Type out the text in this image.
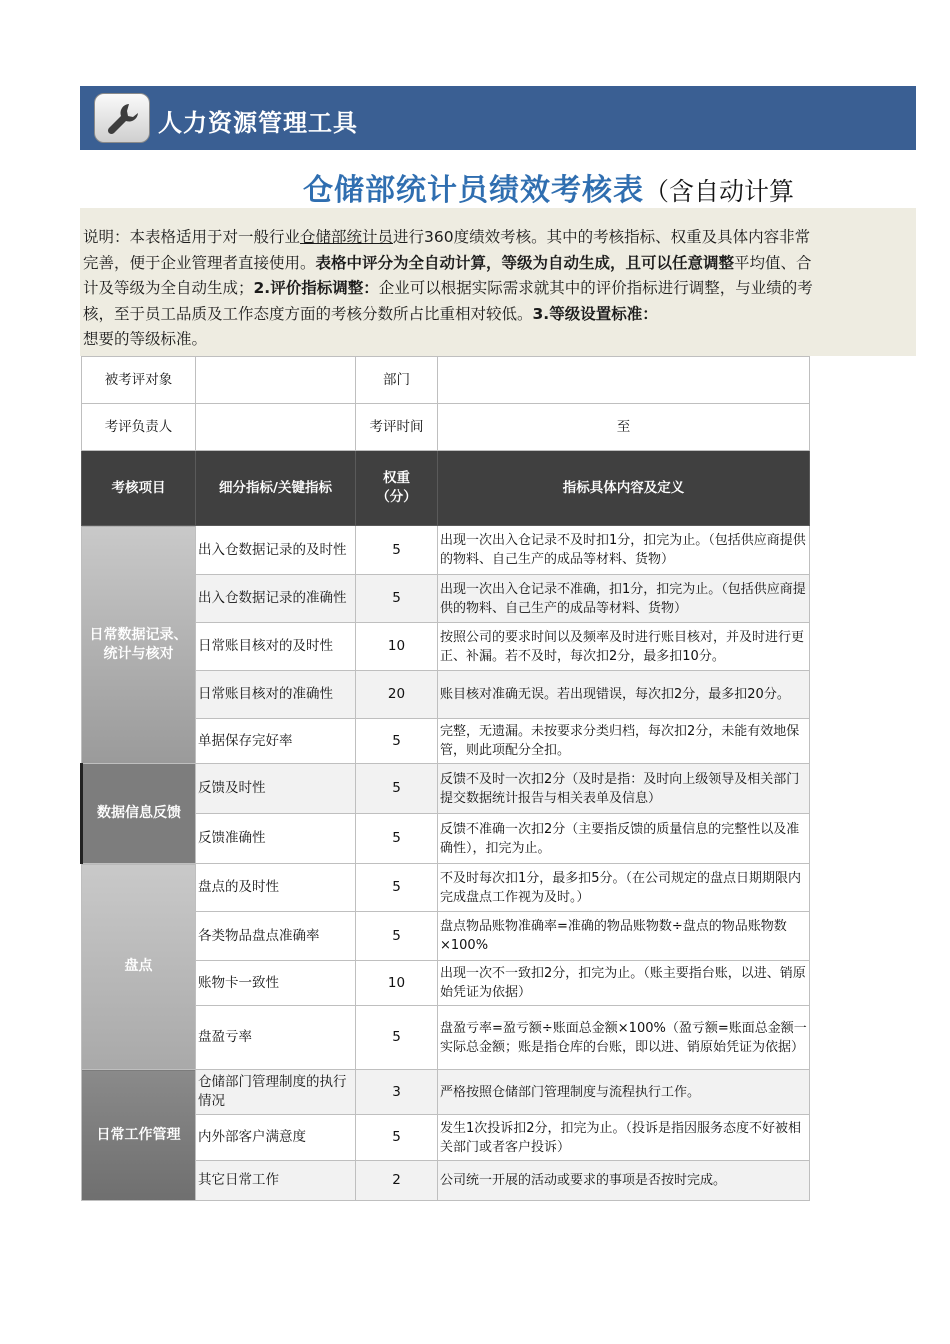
人力资源管理工具
仓储部统计员绩效考核表（含自动计算
说明：本表格适用于对一般行业仓储部统计员进行360度绩效考核。其中的考核指标、权重及具体内容非常完善，便于企业管理者直接使用。表格中评分为全自动计算，等级为自动生成，且可以任意调整平均值、合计及等级为全自动生成；2.评价指标调整：企业可以根据实际需求就其中的评价指标进行调整，与业绩的考核，至于员工品质及工作态度方面的考核分数所占比重相对较低。3.等级设置标准：
想要的等级标准。
被考评对象		部门	
考评负责人		考评时间	至
考核项目	细分指标/关键指标	权重（分）	指标具体内容及定义
日常数据记录、统计与核对	出入仓数据记录的及时性	5	出现一次出入仓记录不及时扣1分，扣完为止。（包括供应商提供的物料、自己生产的成品等材料、货物）
	出入仓数据记录的准确性	5	出现一次出入仓记录不准确，扣1分，扣完为止。（包括供应商提供的物料、自己生产的成品等材料、货物）
	日常账目核对的及时性	10	按照公司的要求时间以及频率及时进行账目核对，并及时进行更正、补漏。若不及时，每次扣2分，最多扣10分。
	日常账目核对的准确性	20	账目核对准确无误。若出现错误，每次扣2分，最多扣20分。
	单据保存完好率	5	完整，无遗漏。未按要求分类归档，每次扣2分，未能有效地保管，则此项配分全扣。
数据信息反馈	反馈及时性	5	反馈不及时一次扣2分（及时是指：及时向上级领导及相关部门提交数据统计报告与相关表单及信息）
	反馈准确性	5	反馈不准确一次扣2分（主要指反馈的质量信息的完整性以及准确性），扣完为止。
盘点	盘点的及时性	5	不及时每次扣1分，最多扣5分。（在公司规定的盘点日期期限内完成盘点工作视为及时。）
	各类物品盘点准确率	5	盘点物品账物准确率=准确的物品账物数÷盘点的物品账物数×100%
	账物卡一致性	10	出现一次不一致扣2分，扣完为止。（账主要指台账，以进、销原始凭证为依据）
	盘盈亏率	5	盘盈亏率=盈亏额÷账面总金额×100%（盈亏额=账面总金额一实际总金额；账是指仓库的台账，即以进、销原始凭证为依据）
日常工作管理	仓储部门管理制度的执行情况	3	严格按照仓储部门管理制度与流程执行工作。
	内外部客户满意度	5	发生1次投诉扣2分，扣完为止。（投诉是指因服务态度不好被相关部门或者客户投诉）
	其它日常工作	2	公司统一开展的活动或要求的事项是否按时完成。
